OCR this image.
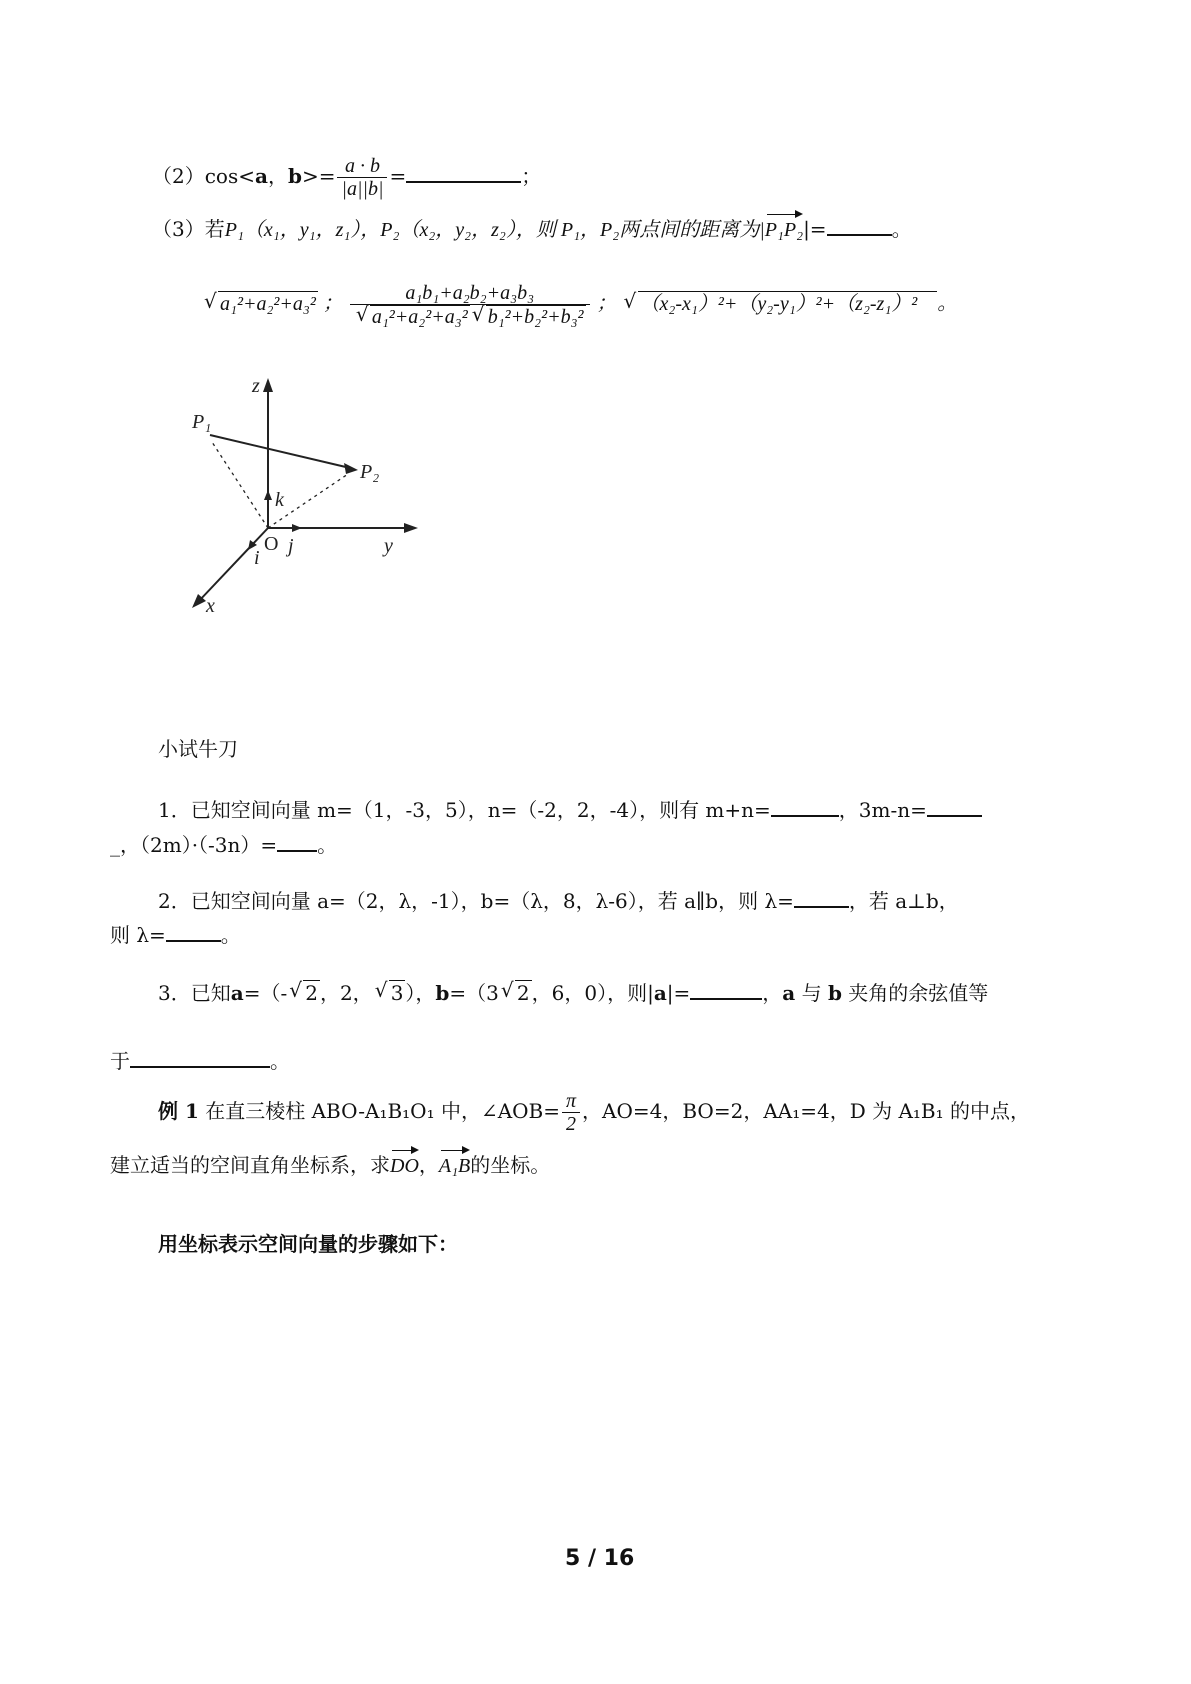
（2）cos<a，$b>= \frac{a \cdot b}{|a||b|}$ =	；
（3）若P₁（x₁，y₁，z₁），P₂（x₂，y₂，z₂），则 P₁，P₂两点间的距离为|P₁P₂|=	。
√ a₁²+a₂²+a₃² ； a₁b₁+a₂b₂+a₃b₃
√ a₁²+a₂²+a₃² √ b₁²+b₂²+b₃² ； √ （x₂-x₁）²+（y₂-y₁）²+（z₂-z₁）² 。
z
P₁
P₂
k
O j
i
y
x
小试牛刀
1．已知空间向量 m=（1，-3，5），n=（-2，2，-4），则有 m+n=	，3m-n=
_，（2m）·（-3n）= 。
2．已知空间向量 a=（2，λ，-1），b=（λ，8，λ-6），若 a∥b，则 λ=	，若 a⊥b，
则 λ=	。
3．已知a=（- √ 2 ，2， √ 3 ），b=（3 √ 2 ，6，0），则|a|=	，a 与 b 夹角的余弦值等
于	。
例 1 在直三棱柱 ABO-A₁B₁O₁ 中，∠AOB= $\frac{\pi}{2}$ ，AO=4，BO=2，AA₁=4，D 为 A₁B₁ 的中点，
建立适当的空间直角坐标系，求DO，A₁B的坐标。
用坐标表示空间向量的步骤如下：
5 / 16
